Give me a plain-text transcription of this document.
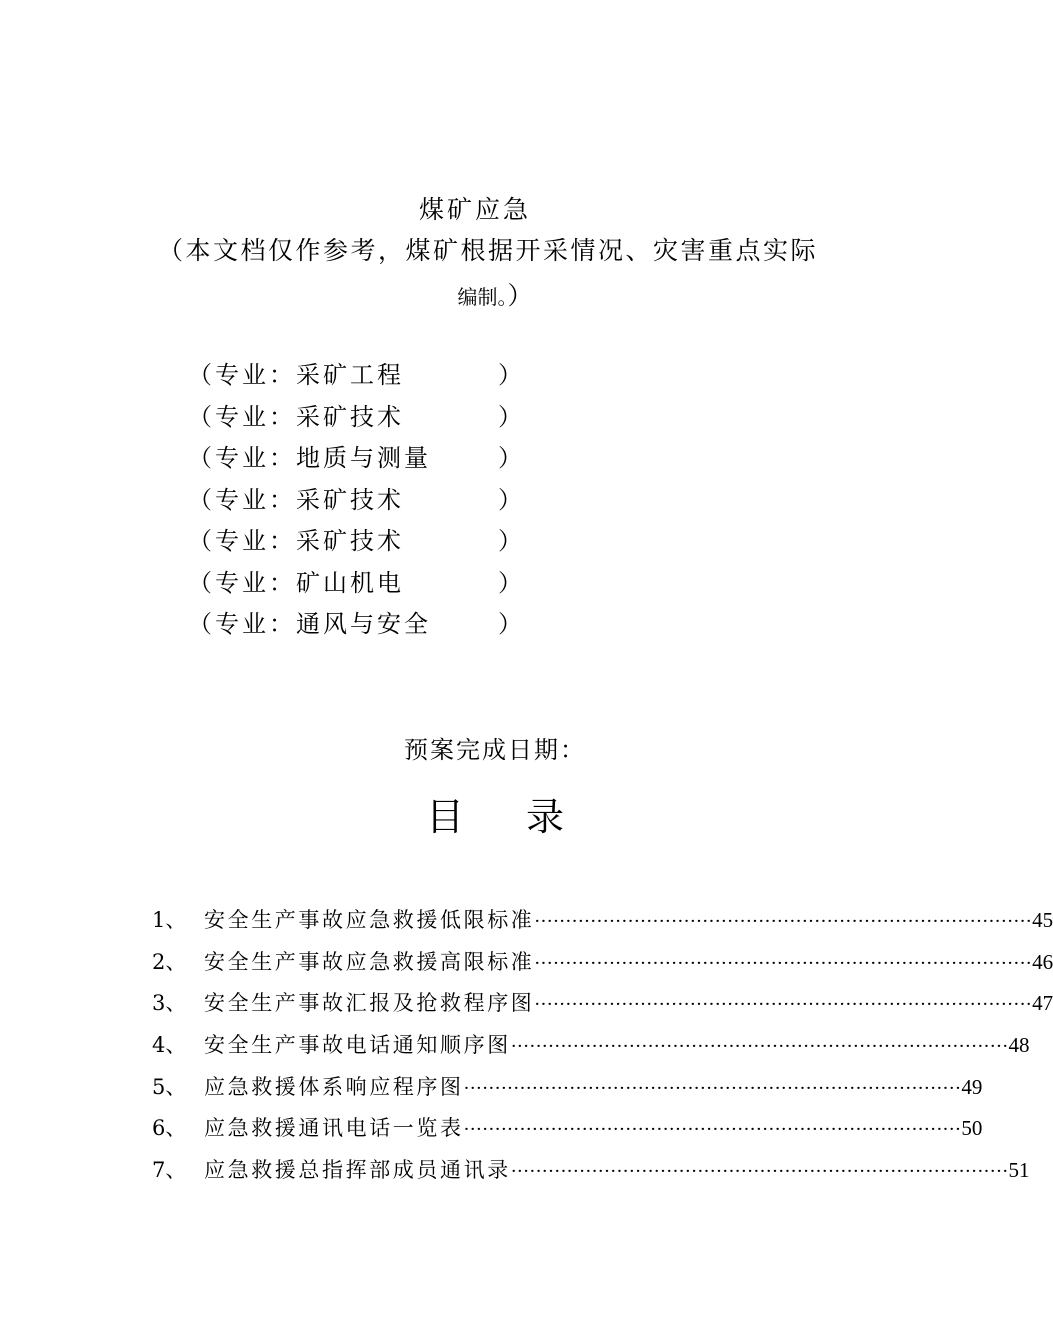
煤矿应急
（本文档仅作参考，煤矿根据开采情况、灾害重点实际
编制。）
（专业：采矿工程	）
（专业：采矿技术	）
（专业：地质与测量	）
（专业：采矿技术	）
（专业：采矿技术	）
（专业：矿山机电	）
（专业：通风与安全	）
预案完成日期：
目 录
1、 安全生产事故应急救援低限标准 ················································································ 45
2、 安全生产事故应急救援高限标准 ················································································ 46
3、 安全生产事故汇报及抢救程序图 ················································································ 47
4、 安全生产事故电话通知顺序图 ················································································ 48
5、 应急救援体系响应程序图 ················································································ 49
6、 应急救援通讯电话一览表 ················································································ 50
7、 应急救援总指挥部成员通讯录 ················································································ 51
